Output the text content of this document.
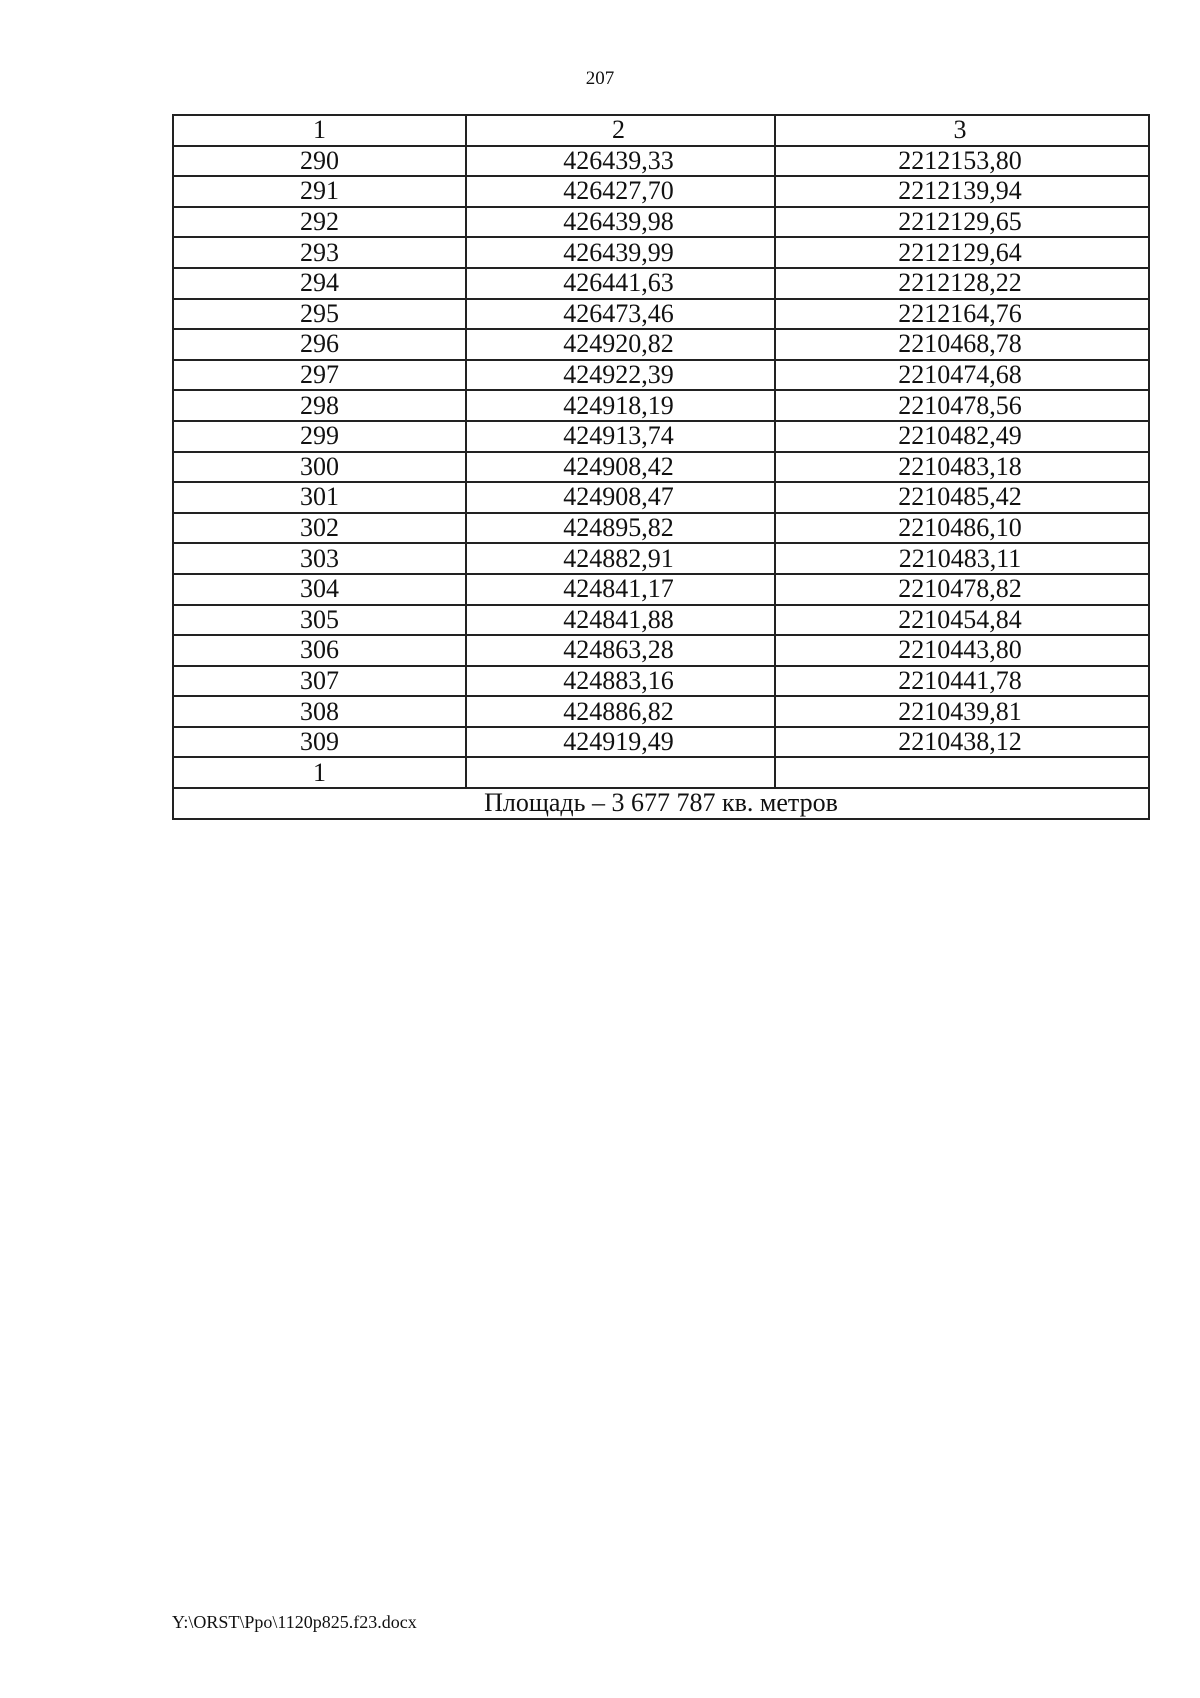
207
1	2	3
290	426439,33	2212153,80
291	426427,70	2212139,94
292	426439,98	2212129,65
293	426439,99	2212129,64
294	426441,63	2212128,22
295	426473,46	2212164,76
296	424920,82	2210468,78
297	424922,39	2210474,68
298	424918,19	2210478,56
299	424913,74	2210482,49
300	424908,42	2210483,18
301	424908,47	2210485,42
302	424895,82	2210486,10
303	424882,91	2210483,11
304	424841,17	2210478,82
305	424841,88	2210454,84
306	424863,28	2210443,80
307	424883,16	2210441,78
308	424886,82	2210439,81
309	424919,49	2210438,12
1		
Площадь – 3 677 787 кв. метров		
Y:\ORST\Ppo\1120p825.f23.docx
